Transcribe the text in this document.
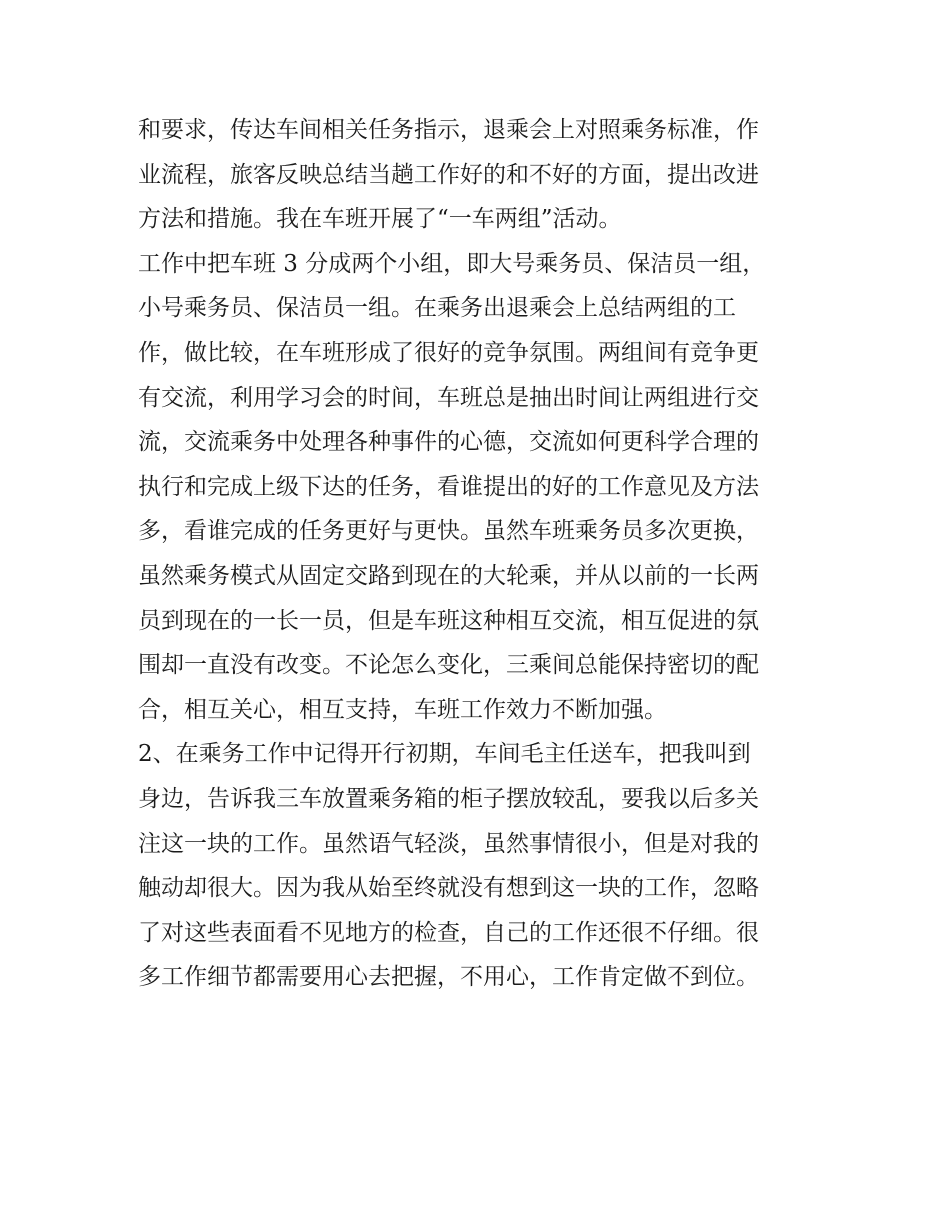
和要求，传达车间相关任务指示，退乘会上对照乘务标准，作
业流程，旅客反映总结当趟工作好的和不好的方面，提出改进
方法和措施。我在车班开展了“一车两组”活动。
工作中把车班 3 分成两个小组，即大号乘务员、保洁员一组，
小号乘务员、保洁员一组。在乘务出退乘会上总结两组的工
作，做比较，在车班形成了很好的竞争氛围。两组间有竞争更
有交流，利用学习会的时间，车班总是抽出时间让两组进行交
流，交流乘务中处理各种事件的心德，交流如何更科学合理的
执行和完成上级下达的任务，看谁提出的好的工作意见及方法
多，看谁完成的任务更好与更快。虽然车班乘务员多次更换，
虽然乘务模式从固定交路到现在的大轮乘，并从以前的一长两
员到现在的一长一员，但是车班这种相互交流，相互促进的氛
围却一直没有改变。不论怎么变化，三乘间总能保持密切的配
合，相互关心，相互支持，车班工作效力不断加强。
2、在乘务工作中记得开行初期，车间毛主任送车，把我叫到
身边，告诉我三车放置乘务箱的柜子摆放较乱，要我以后多关
注这一块的工作。虽然语气轻淡，虽然事情很小，但是对我的
触动却很大。因为我从始至终就没有想到这一块的工作，忽略
了对这些表面看不见地方的检查，自己的工作还很不仔细。很
多工作细节都需要用心去把握，不用心，工作肯定做不到位。
